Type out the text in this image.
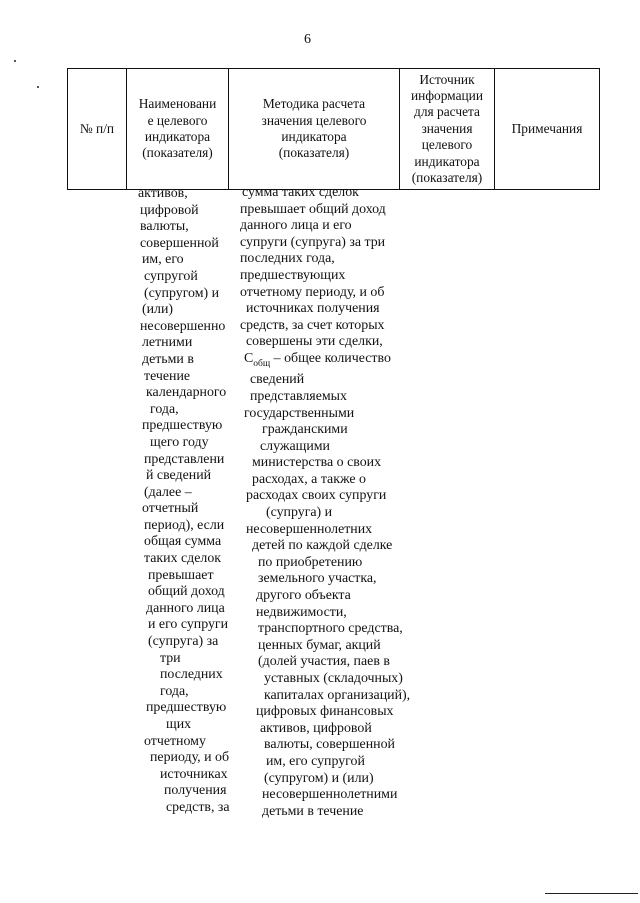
6
№ п/п
Наименовани
е целевого
индикатора
(показателя)
Методика расчета
значения целевого
индикатора
(показателя)
Источник
информации
для расчета
значения
целевого
индикатора
(показателя)
Примечания
активов,
цифровой
валюты,
совершенной
им, его
супругой
(супругом) и
(или)
несовершенно
летними
детьми в
течение
календарного
года,
предшествую
щего году
представлени
й сведений
(далее –
отчетный
период), если
общая сумма
таких сделок
превышает
общий доход
данного лица
и его супруги
(супруга) за
три
последних
года,
предшествую
щих
отчетному
периоду, и об
источниках
получения
средств, за
сумма таких сделок
превышает общий доход
данного лица и его
супруги (супруга) за три
последних года,
предшествующих
отчетному периоду, и об
источниках получения
средств, за счет которых
совершены эти сделки,
$С_{общ}$ – общее количество
сведений
представляемых
государственными
гражданскими
служащими
министерства о своих
расходах, а также о
расходах своих супруги
(супруга) и
несовершеннолетних
детей по каждой сделке
по приобретению
земельного участка,
другого объекта
недвижимости,
транспортного средства,
ценных бумаг, акций
(долей участия, паев в
уставных (складочных)
капиталах организаций),
цифровых финансовых
активов, цифровой
валюты, совершенной
им, его супругой
(супругом) и (или)
несовершеннолетними
детьми в течение
